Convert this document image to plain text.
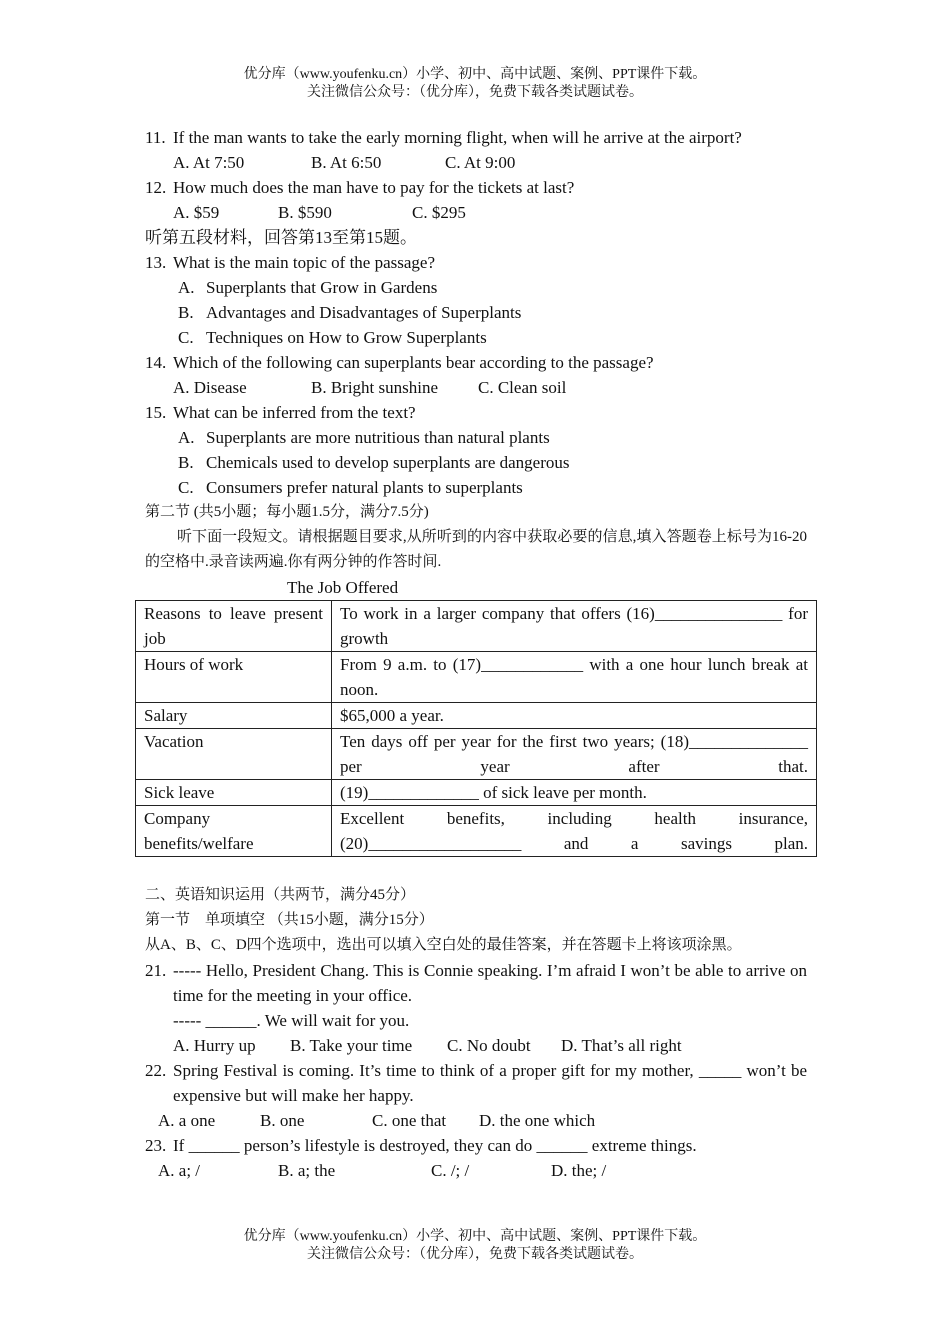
优分库（www.youfenku.cn）小学、初中、高中试题、案例、PPT课件下载。
关注微信公众号：（优分库），免费下载各类试题试卷。
11. If the man wants to take the early morning flight, when will he arrive at the airport?
A. At 7:50	B. At 6:50	C. At 9:00
12. How much does the man have to pay for the tickets at last?
A. $59	B. $590	C. $295
听第五段材料，回答第13至第15题。
13. What is the main topic of the passage?
A. Superplants that Grow in Gardens
B. Advantages and Disadvantages of Superplants
C. Techniques on How to Grow Superplants
14. Which of the following can superplants bear according to the passage?
A. Disease	B. Bright sunshine	C. Clean soil
15. What can be inferred from the text?
A. Superplants are more nutritious than natural plants
B. Chemicals used to develop superplants are dangerous
C. Consumers prefer natural plants to superplants
第二节 (共5小题；每小题1.5分，满分7.5分)
听下面一段短文。请根据题目要求,从所听到的内容中获取必要的信息,填入答题卷上标号为16-20的空格中.录音读两遍.你有两分钟的作答时间.
The Job Offered
Reasons to leave present job	To work in a larger company that offers (16)_______________ for growth
Hours of work	From 9 a.m. to (17)____________ with a one hour lunch break at noon.
Salary	$65,000 a year.
Vacation	Ten days off per year for the first two years; (18)______________ per year after that.
Sick leave	(19)_____________ of sick leave per month.
Company benefits/welfare	Excellent benefits, including health insurance, (20)__________________ and a savings plan.
二、英语知识运用（共两节，满分45分）
第一节　单项填空 （共15小题，满分15分）
从A、B、C、D四个选项中，选出可以填入空白处的最佳答案，并在答题卡上将该项涂黑。
21. ----- Hello, President Chang. This is Connie speaking. I’m afraid I won’t be able to arrive on time for the meeting in your office.
----- ______. We will wait for you.
A. Hurry up	B. Take your time	C. No doubt	D. That’s all right
22. Spring Festival is coming. It’s time to think of a proper gift for my mother, _____ won’t be expensive but will make her happy.
A. a one	B. one	C. one that	D. the one which
23. If ______ person’s lifestyle is destroyed, they can do ______ extreme things.
A. a; /	B. a; the	C. /; /	D. the; /
优分库（www.youfenku.cn）小学、初中、高中试题、案例、PPT课件下载。
关注微信公众号：（优分库），免费下载各类试题试卷。
